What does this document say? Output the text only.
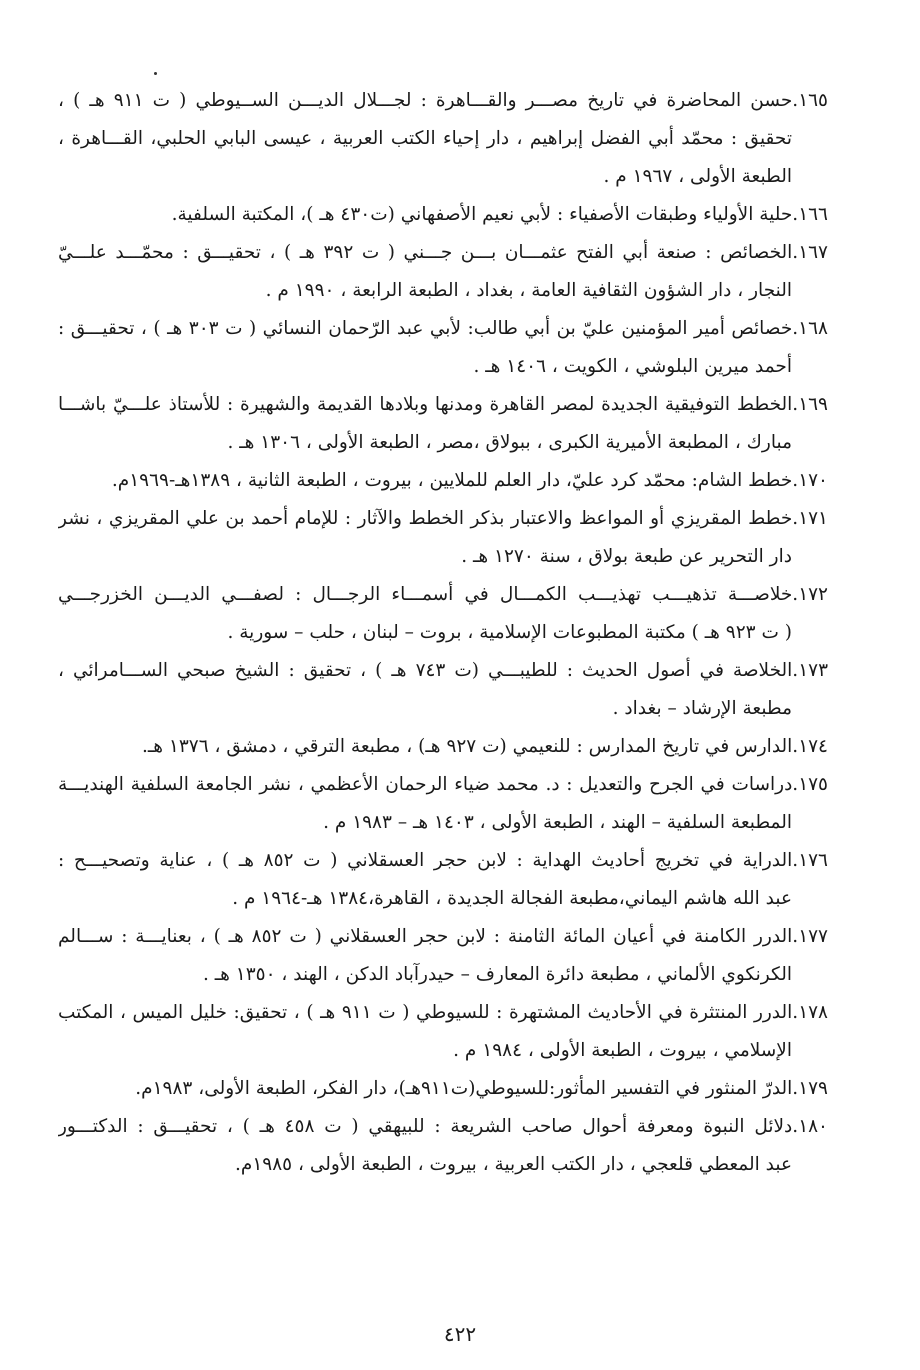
١٦٥.حسن المحاضرة في تاريخ مصـــر والقـــاهرة : لجـــلال الديـــن الســيوطي ( ت ٩١١ هـ ) ،
تحقيق : محمّد أبي الفضل إبراهيم ، دار إحياء الكتب العربية ، عيسى البابي الحلبي، القـــاهرة ،
الطبعة الأولى ، ١٩٦٧ م .
١٦٦.حلية الأولياء وطبقات الأصفياء : لأبي نعيم الأصفهاني (ت٤٣٠ هـ )، المكتبة السلفية.
١٦٧.الخصائص : صنعة أبي الفتح عثمـــان بـــن جـــني ( ت ٣٩٢ هـ ) ، تحقيـــق : محمّـــد علـــيّ
النجار ، دار الشؤون الثقافية العامة ، بغداد ، الطبعة الرابعة ، ١٩٩٠ م .
١٦٨.خصائص أمير المؤمنين عليّ بن أبي طالب: لأبي عبد الرّحمان النسائي ( ت ٣٠٣ هـ ) ، تحقيـــق :
أحمد ميرين البلوشي ، الكويت ، ١٤٠٦ هـ .
١٦٩.الخطط التوفيقية الجديدة لمصر القاهرة ومدنها وبلادها القديمة والشهيرة : للأستاذ علـــيّ باشـــا
مبارك ، المطبعة الأميرية الكبرى ، ببولاق ،مصر ، الطبعة الأولى ، ١٣٠٦ هـ .
١٧٠.خطط الشام: محمّد كرد عليّ، دار العلم للملايين ، بيروت ، الطبعة الثانية ، ١٣٨٩هـ-١٩٦٩م.
١٧١.خطط المقريزي أو المواعظ والاعتبار بذكر الخطط والآثار : للإمام أحمد بن علي المقريزي ، نشر
دار التحرير عن طبعة بولاق ، سنة ١٢٧٠ هـ .
١٧٢.خلاصـــة تذهيـــب تهذيـــب الكمـــال في أسمـــاء الرجـــال : لصفـــي الديـــن الخزرجـــي
( ت ٩٢٣ هـ ) مكتبة المطبوعات الإسلامية ، بروت – لبنان ، حلب – سورية .
١٧٣.الخلاصة في أصول الحديث : للطيبـــي (ت ٧٤٣ هـ ) ، تحقيق : الشيخ صبحي الســـامرائي ،
مطبعة الإرشاد – بغداد .
١٧٤.الدارس في تاريخ المدارس : للنعيمي (ت ٩٢٧ هـ) ، مطبعة الترقي ، دمشق ، ١٣٧٦ هـ.
١٧٥.دراسات في الجرح والتعديل : د. محمد ضياء الرحمان الأعظمي ، نشر الجامعة السلفية الهنديـــة
المطبعة السلفية – الهند ، الطبعة الأولى ، ١٤٠٣ هـ – ١٩٨٣ م .
١٧٦.الدراية في تخريج أحاديث الهداية : لابن حجر العسقلاني ( ت ٨٥٢ هـ ) ، عناية وتصحيـــح :
عبد الله هاشم اليماني،مطبعة الفجالة الجديدة ، القاهرة،١٣٨٤ هـ-١٩٦٤ م .
١٧٧.الدرر الكامنة في أعيان المائة الثامنة : لابن حجر العسقلاني ( ت ٨٥٢ هـ ) ، بعنايـــة : ســـالم
الكرنكوي الألماني ، مطبعة دائرة المعارف – حيدرآباد الدكن ، الهند ، ١٣٥٠ هـ .
١٧٨.الدرر المنتثرة في الأحاديث المشتهرة : للسيوطي ( ت ٩١١ هـ ) ، تحقيق: خليل الميس ، المكتب
الإسلامي ، بيروت ، الطبعة الأولى ، ١٩٨٤ م .
١٧٩.الدرّ المنثور في التفسير المأثور:للسيوطي(ت٩١١هـ)، دار الفكر، الطبعة الأولى، ١٩٨٣م.
١٨٠.دلائل النبوة ومعرفة أحوال صاحب الشريعة : للبيهقي ( ت ٤٥٨ هـ ) ، تحقيـــق : الدكتـــور
عبد المعطي قلعجي ، دار الكتب العربية ، بيروت ، الطبعة الأولى ، ١٩٨٥م.
٤٢٢
